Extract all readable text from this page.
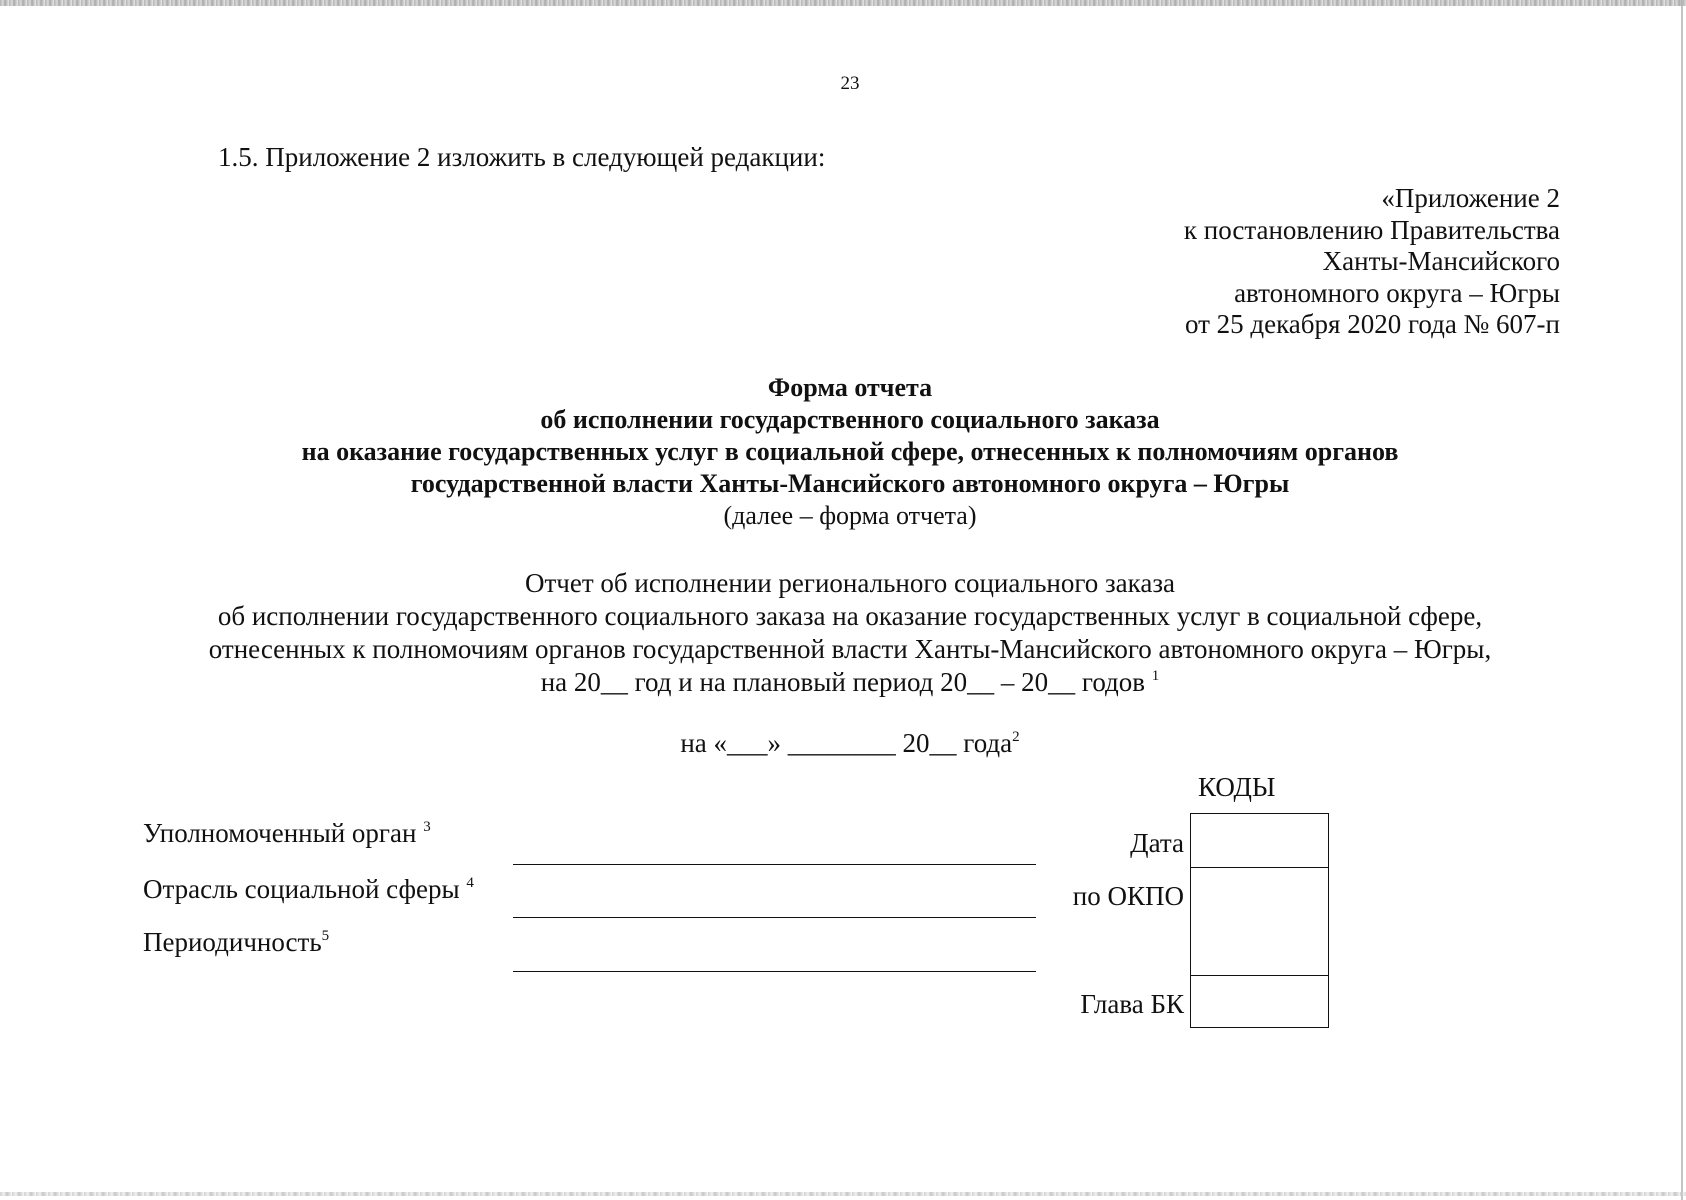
23
1.5. Приложение 2 изложить в следующей редакции:
«Приложение 2
к постановлению Правительства
Ханты-Мансийского
автономного округа – Югры
от 25 декабря 2020 года № 607-п
Форма отчета
об исполнении государственного социального заказа
на оказание государственных услуг в социальной сфере, отнесенных к полномочиям органов
государственной власти Ханты-Мансийского автономного округа – Югры
(далее – форма отчета)
Отчет об исполнении регионального социального заказа
об исполнении государственного социального заказа на оказание государственных услуг в социальной сфере,
отнесенных к полномочиям органов государственной власти Ханты-Мансийского автономного округа – Югры,
на 20__ год и на плановый период 20__ – 20__ годов $^1$
на «___» ________ 20__ года$^2$
КОДЫ
Уполномоченный орган $^3$
Отрасль социальной сферы $^4$
Периодичность$^5$
Дата
по ОКПО
Глава БК
